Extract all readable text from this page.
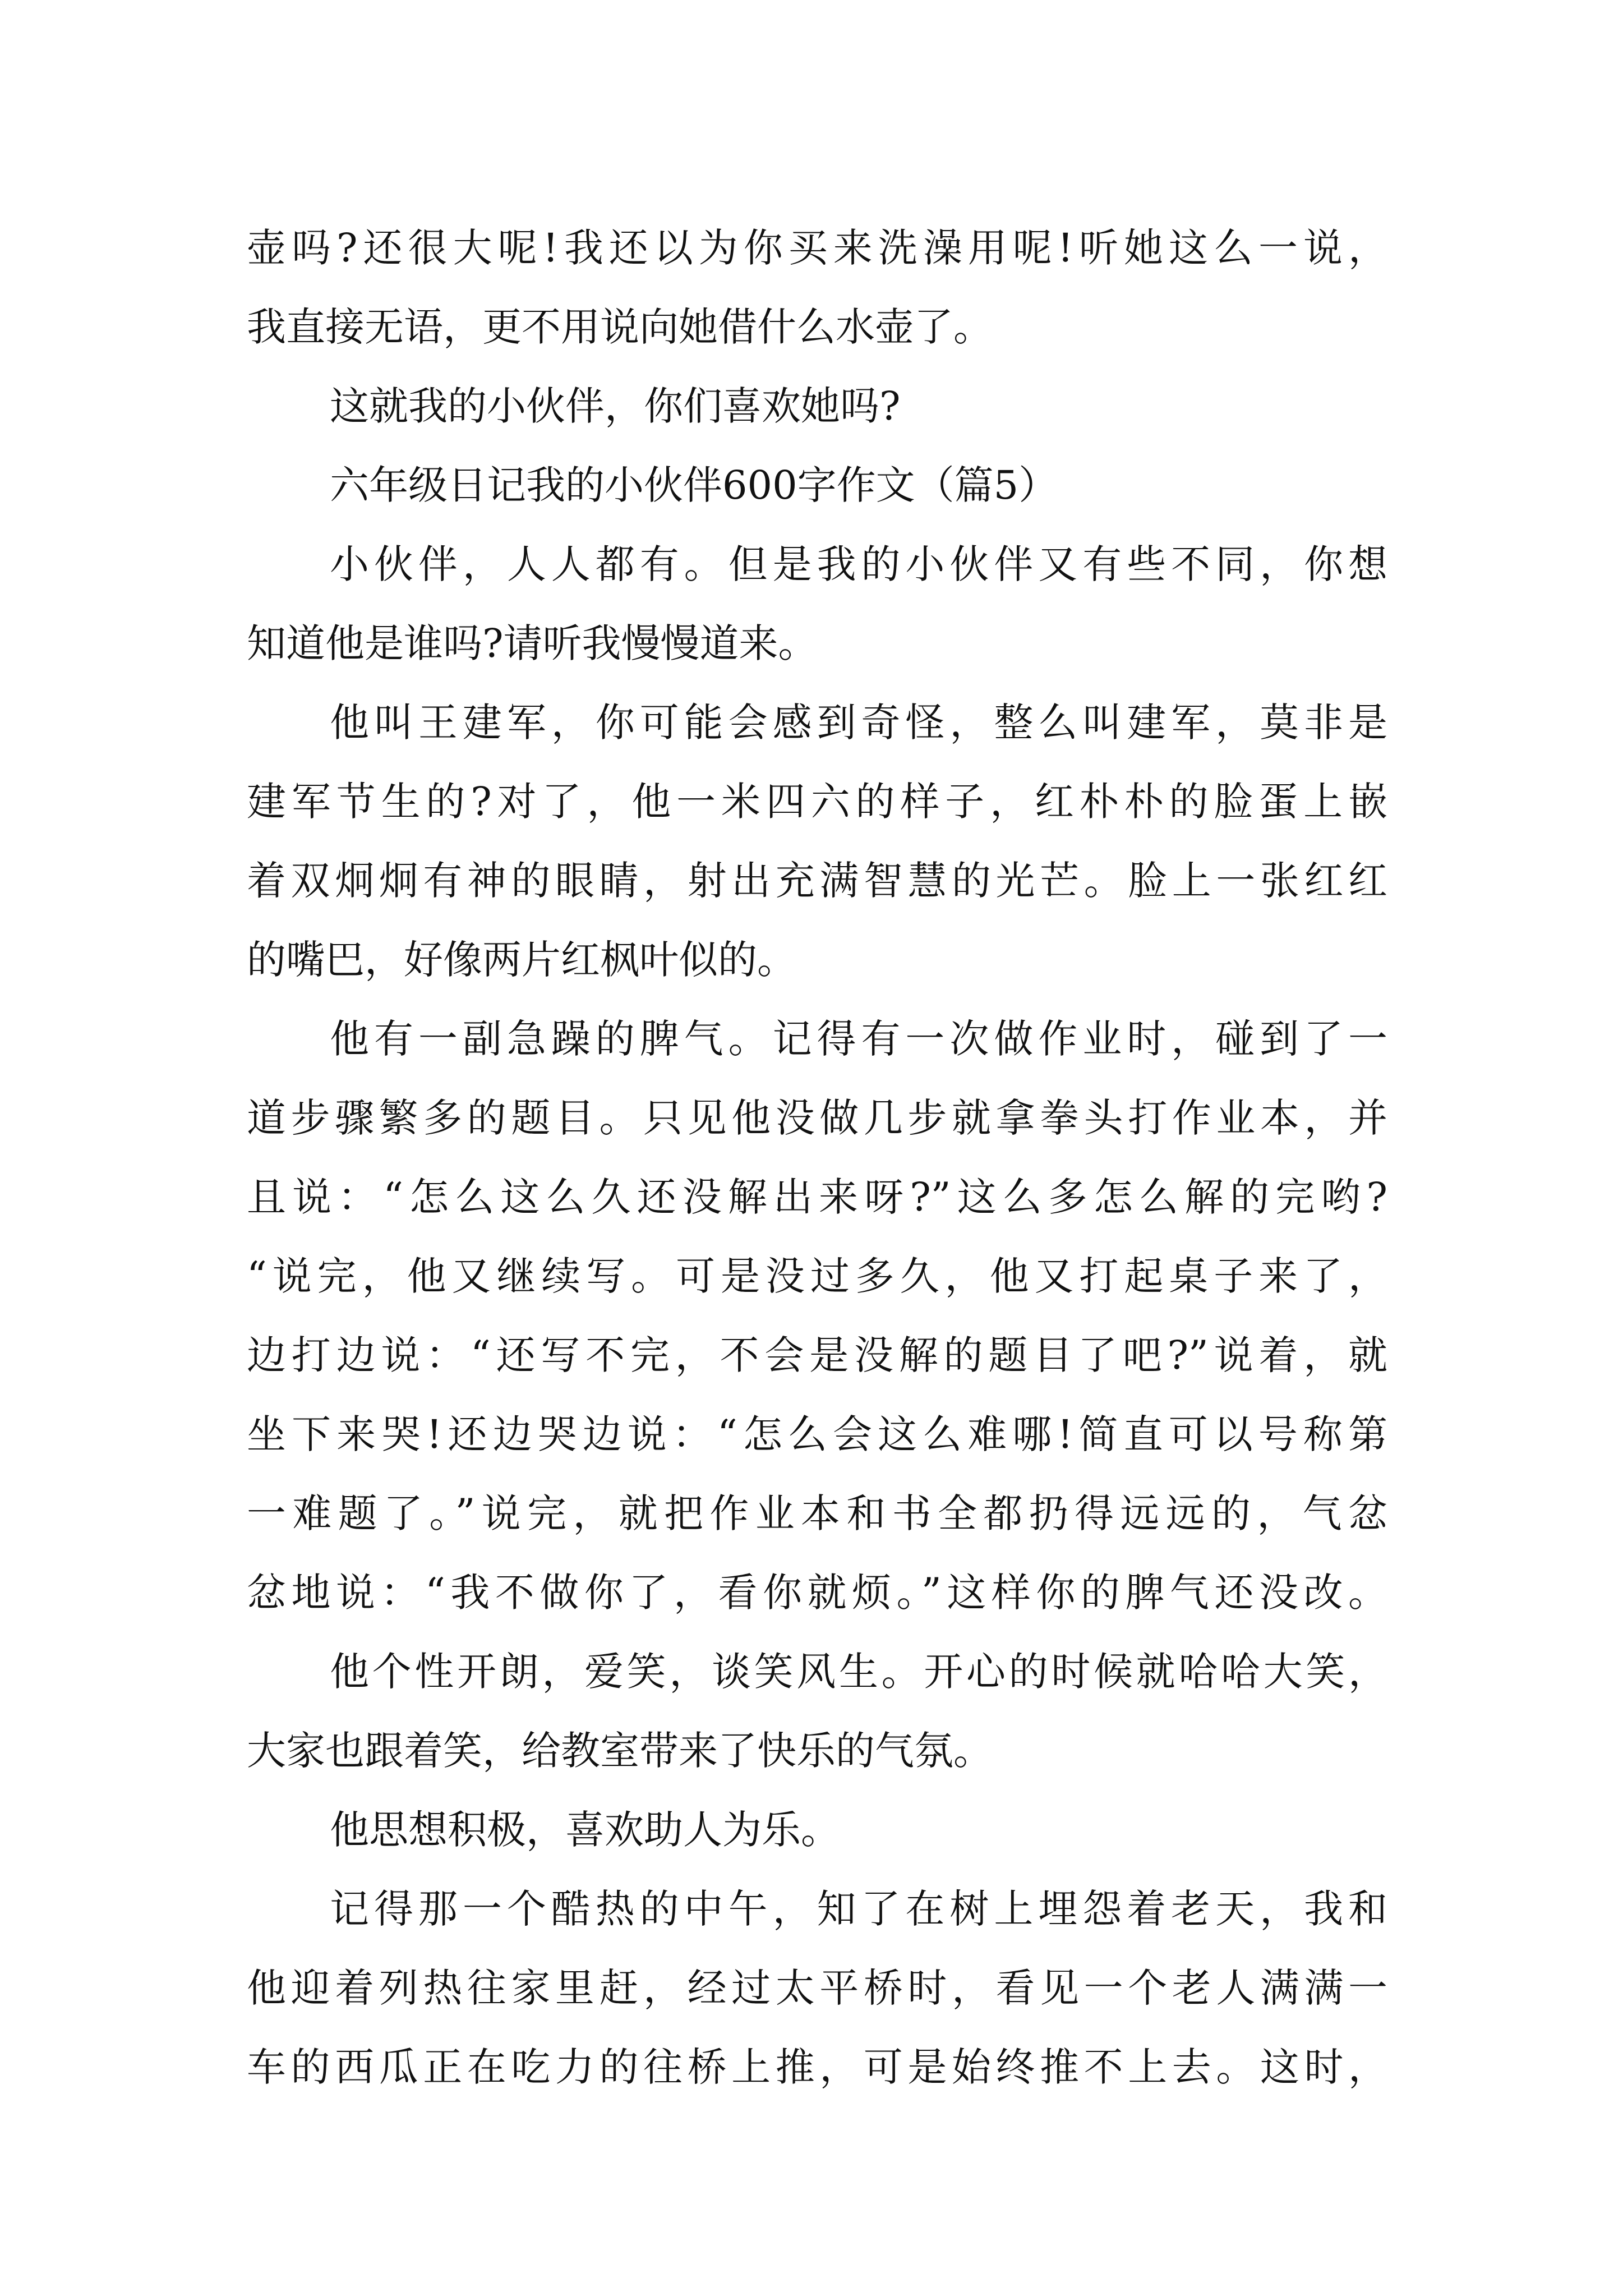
壶吗?还很大呢!我还以为你买来洗澡用呢!听她这么一说，
我直接无语，更不用说向她借什么水壶了。
这就我的小伙伴，你们喜欢她吗?
六年级日记我的小伙伴600字作文（篇5）
小伙伴，人人都有。但是我的小伙伴又有些不同，你想
知道他是谁吗?请听我慢慢道来。
他叫王建军，你可能会感到奇怪，整么叫建军，莫非是
建军节生的?对了，他一米四六的样子，红朴朴的脸蛋上嵌
着双炯炯有神的眼睛，射出充满智慧的光芒。脸上一张红红
的嘴巴，好像两片红枫叶似的。
他有一副急躁的脾气。记得有一次做作业时，碰到了一
道步骤繁多的题目。只见他没做几步就拿拳头打作业本，并
且说：“怎么这么久还没解出来呀?”这么多怎么解的完哟?
“说完，他又继续写。可是没过多久，他又打起桌子来了，
边打边说：“还写不完，不会是没解的题目了吧?”说着，就
坐下来哭!还边哭边说：“怎么会这么难哪!简直可以号称第
一难题了。”说完，就把作业本和书全都扔得远远的，气忿
忿地说：“我不做你了，看你就烦。”这样你的脾气还没改。
他个性开朗，爱笑，谈笑风生。开心的时候就哈哈大笑，
大家也跟着笑，给教室带来了快乐的气氛。
他思想积极，喜欢助人为乐。
记得那一个酷热的中午，知了在树上埋怨着老天，我和
他迎着列热往家里赶，经过太平桥时，看见一个老人满满一
车的西瓜正在吃力的往桥上推，可是始终推不上去。这时，
